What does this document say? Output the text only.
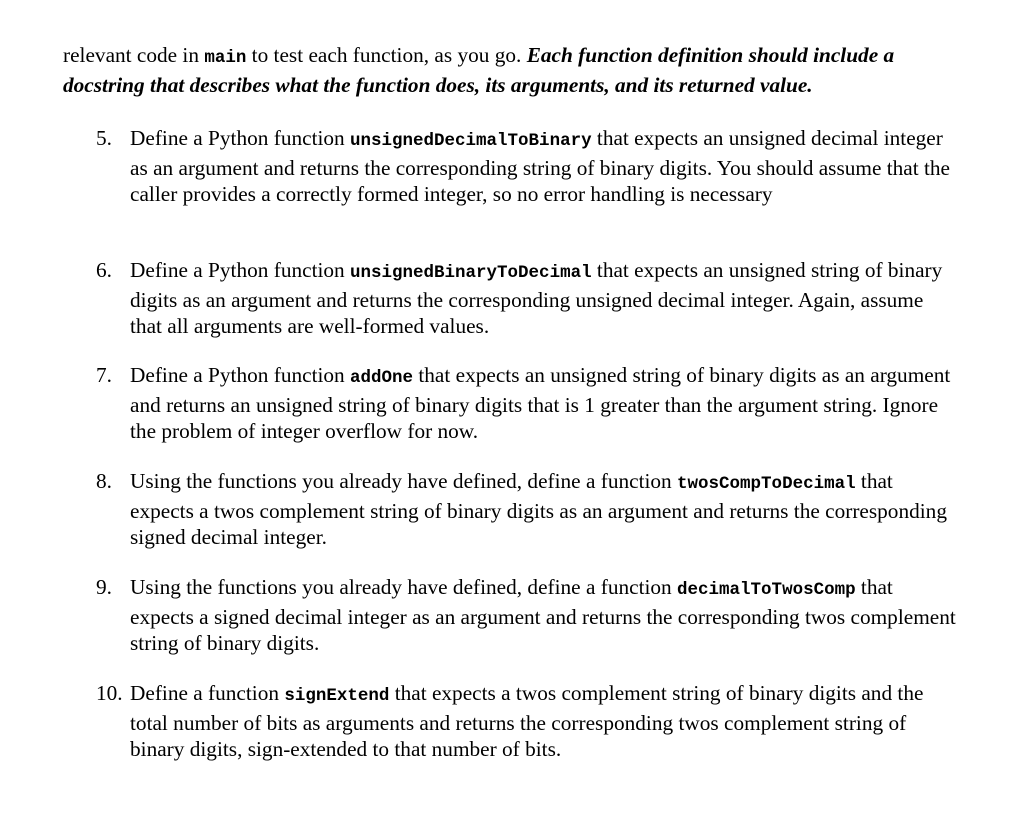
relevant code in main to test each function, as you go. Each function definition should include a docstring that describes what the function does, its arguments, and its returned value.
5. Define a Python function unsignedDecimalToBinary that expects an unsigned decimal integer as an argument and returns the corresponding string of binary digits. You should assume that the caller provides a correctly formed integer, so no error handling is necessary
6. Define a Python function unsignedBinaryToDecimal that expects an unsigned string of binary digits as an argument and returns the corresponding unsigned decimal integer. Again, assume that all arguments are well-formed values.
7. Define a Python function addOne that expects an unsigned string of binary digits as an argument and returns an unsigned string of binary digits that is 1 greater than the argument string. Ignore the problem of integer overflow for now.
8. Using the functions you already have defined, define a function twosCompToDecimal that expects a twos complement string of binary digits as an argument and returns the corresponding signed decimal integer.
9. Using the functions you already have defined, define a function decimalToTwosComp that expects a signed decimal integer as an argument and returns the corresponding twos complement string of binary digits.
10. Define a function signExtend that expects a twos complement string of binary digits and the total number of bits as arguments and returns the corresponding twos complement string of binary digits, sign-extended to that number of bits.
